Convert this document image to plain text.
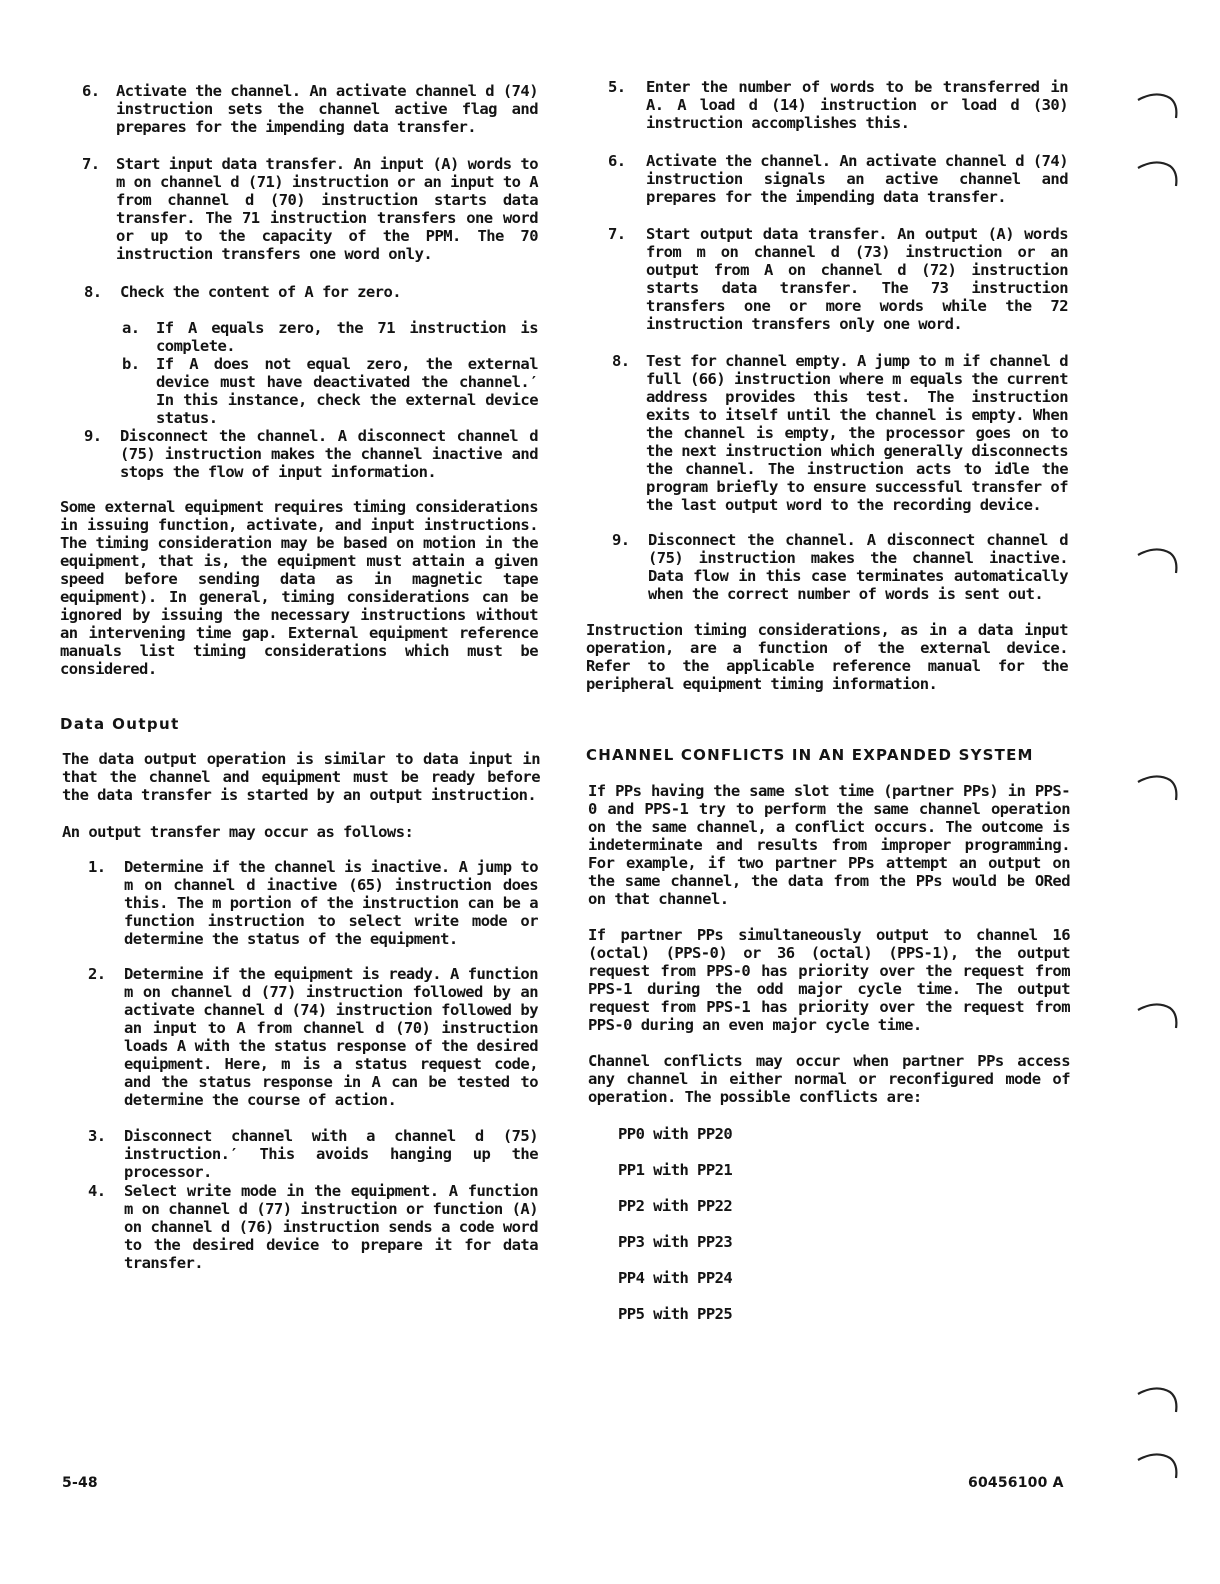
6. Activate the channel. An activate channel d (74) instruction sets the channel active flag and prepares for the impending data transfer.
7. Start input data transfer. An input (A) words to m on channel d (71) instruction or an input to A from channel d (70) instruction starts data transfer. The 71 instruction transfers one word or up to the capacity of the PPM. The 70 instruction transfers one word only.
8. Check the content of A for zero.
a. If A equals zero, the 71 instruction is complete.
b. If A does not equal zero, the external device must have deactivated the channel.′ In this instance, check the external device status.
9. Disconnect the channel. A disconnect channel d (75) instruction makes the channel inactive and stops the flow of input information.
Some external equipment requires timing considerations in issuing function, activate, and input instructions. The timing consideration may be based on motion in the equipment, that is, the equipment must attain a given speed before sending data as in magnetic tape equipment). In general, timing considerations can be ignored by issuing the necessary instructions without an intervening time gap. External equipment reference manuals list timing considerations which must be considered.
Data Output
The data output operation is similar to data input in that the channel and equipment must be ready before the data transfer is started by an output instruction.
An output transfer may occur as follows:
1. Determine if the channel is inactive. A jump to m on channel d inactive (65) instruction does this. The m portion of the instruction can be a function instruction to select write mode or determine the status of the equipment.
2. Determine if the equipment is ready. A function m on channel d (77) instruction followed by an activate channel d (74) instruction followed by an input to A from channel d (70) instruction loads A with the status response of the desired equipment. Here, m is a status request code, and the status response in A can be tested to determine the course of action.
3. Disconnect channel with a channel d (75) instruction.′ This avoids hanging up the processor.
4. Select write mode in the equipment. A function m on channel d (77) instruction or function (A) on channel d (76) instruction sends a code word to the desired device to prepare it for data transfer.
5. Enter the number of words to be transferred in A. A load d (14) instruction or load d (30) instruction accomplishes this.
6. Activate the channel. An activate channel d (74) instruction signals an active channel and prepares for the impending data transfer.
7. Start output data transfer. An output (A) words from m on channel d (73) instruction or an output from A on channel d (72) instruction starts data transfer. The 73 instruction transfers one or more words while the 72 instruction transfers only one word.
8. Test for channel empty. A jump to m if channel d full (66) instruction where m equals the current address provides this test. The instruction exits to itself until the channel is empty. When the channel is empty, the processor goes on to the next instruction which generally disconnects the channel. The instruction acts to idle the program briefly to ensure successful transfer of the last output word to the recording device.
9. Disconnect the channel. A disconnect channel d (75) instruction makes the channel inactive. Data flow in this case terminates automatically when the correct number of words is sent out.
Instruction timing considerations, as in a data input operation, are a function of the external device. Refer to the applicable reference manual for the peripheral equipment timing information.
CHANNEL CONFLICTS IN AN EXPANDED SYSTEM
If PPs having the same slot time (partner PPs) in PPS-0 and PPS-1 try to perform the same channel operation on the same channel, a conflict occurs. The outcome is indeterminate and results from improper programming. For example, if two partner PPs attempt an output on the same channel, the data from the PPs would be ORed on that channel.
If partner PPs simultaneously output to channel 16 (octal) (PPS-0) or 36 (octal) (PPS-1), the output request from PPS-0 has priority over the request from PPS-1 during the odd major cycle time. The output request from PPS-1 has priority over the request from PPS-0 during an even major cycle time.
Channel conflicts may occur when partner PPs access any channel in either normal or reconfigured mode of operation. The possible conflicts are:
PP0 with PP20
PP1 with PP21
PP2 with PP22
PP3 with PP23
PP4 with PP24
PP5 with PP25
5-48	60456100 A
